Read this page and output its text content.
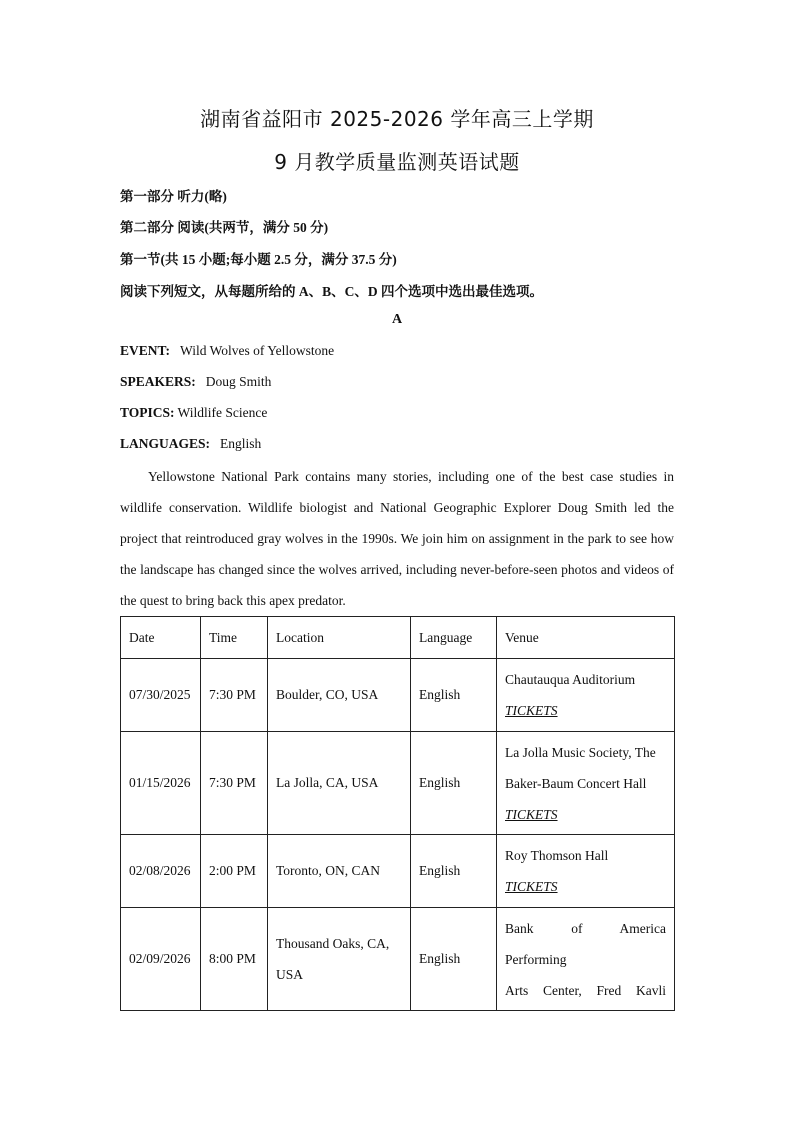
湖南省益阳市 2025-2026 学年高三上学期
9 月教学质量监测英语试题
第一部分 听力(略)
第二部分 阅读(共两节，满分 50 分)
第一节(共 15 小题;每小题 2.5 分，满分 37.5 分)
阅读下列短文，从每题所给的 A、B、C、D 四个选项中选出最佳选项。
A
EVENT: Wild Wolves of Yellowstone
SPEAKERS: Doug Smith
TOPICS: Wildlife Science
LANGUAGES: English
Yellowstone National Park contains many stories, including one of the best case studies in wildlife conservation. Wildlife biologist and National Geographic Explorer Doug Smith led the project that reintroduced gray wolves in the 1990s. We join him on assignment in the park to see how the landscape has changed since the wolves arrived, including never-before-seen photos and videos of the quest to bring back this apex predator.
Date	Time	Location	Language	Venue
07/30/2025	7:30 PM	Boulder, CO, USA	English	Chautauqua Auditorium
TICKETS

01/15/2026	7:30 PM	La Jolla, CA, USA	English	La Jolla Music Society, The
Baker-Baum Concert Hall
TICKETS

02/08/2026	2:00 PM	Toronto, ON, CAN	English	Roy Thomson Hall
TICKETS

02/09/2026	8:00 PM	Thousand Oaks, CA, USA	English	Bank of America
Performing
Arts Center, Fred Kavli
